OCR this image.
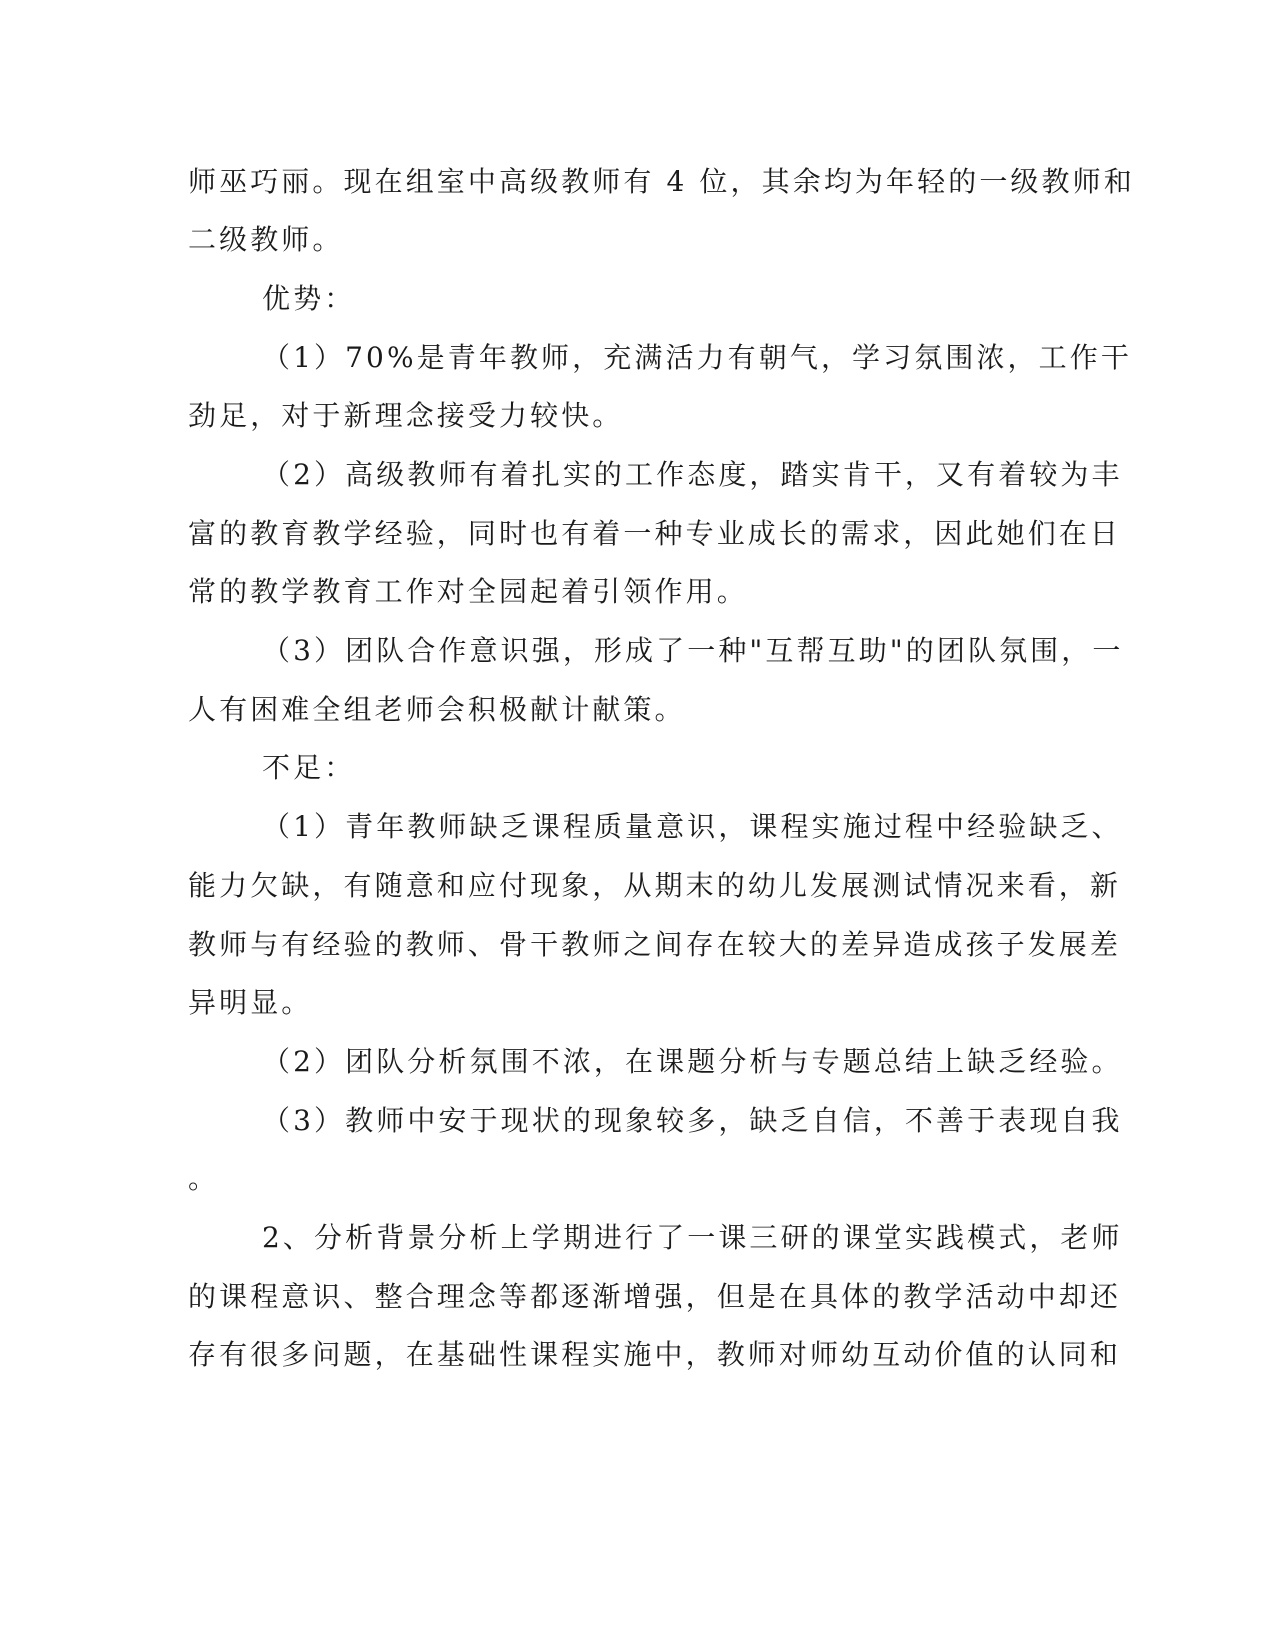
师巫巧丽。现在组室中高级教师有 4 位，其余均为年轻的一级教师和
二级教师。
优势：
（1）70%是青年教师，充满活力有朝气，学习氛围浓，工作干
劲足，对于新理念接受力较快。
（2）高级教师有着扎实的工作态度，踏实肯干，又有着较为丰
富的教育教学经验，同时也有着一种专业成长的需求，因此她们在日
常的教学教育工作对全园起着引领作用。
（3）团队合作意识强，形成了一种"互帮互助"的团队氛围，一
人有困难全组老师会积极献计献策。
不足：
（1）青年教师缺乏课程质量意识，课程实施过程中经验缺乏、
能力欠缺，有随意和应付现象，从期末的幼儿发展测试情况来看，新
教师与有经验的教师、骨干教师之间存在较大的差异造成孩子发展差
异明显。
（2）团队分析氛围不浓，在课题分析与专题总结上缺乏经验。
（3）教师中安于现状的现象较多，缺乏自信，不善于表现自我
。
2、分析背景分析上学期进行了一课三研的课堂实践模式，老师
的课程意识、整合理念等都逐渐增强，但是在具体的教学活动中却还
存有很多问题，在基础性课程实施中，教师对师幼互动价值的认同和
